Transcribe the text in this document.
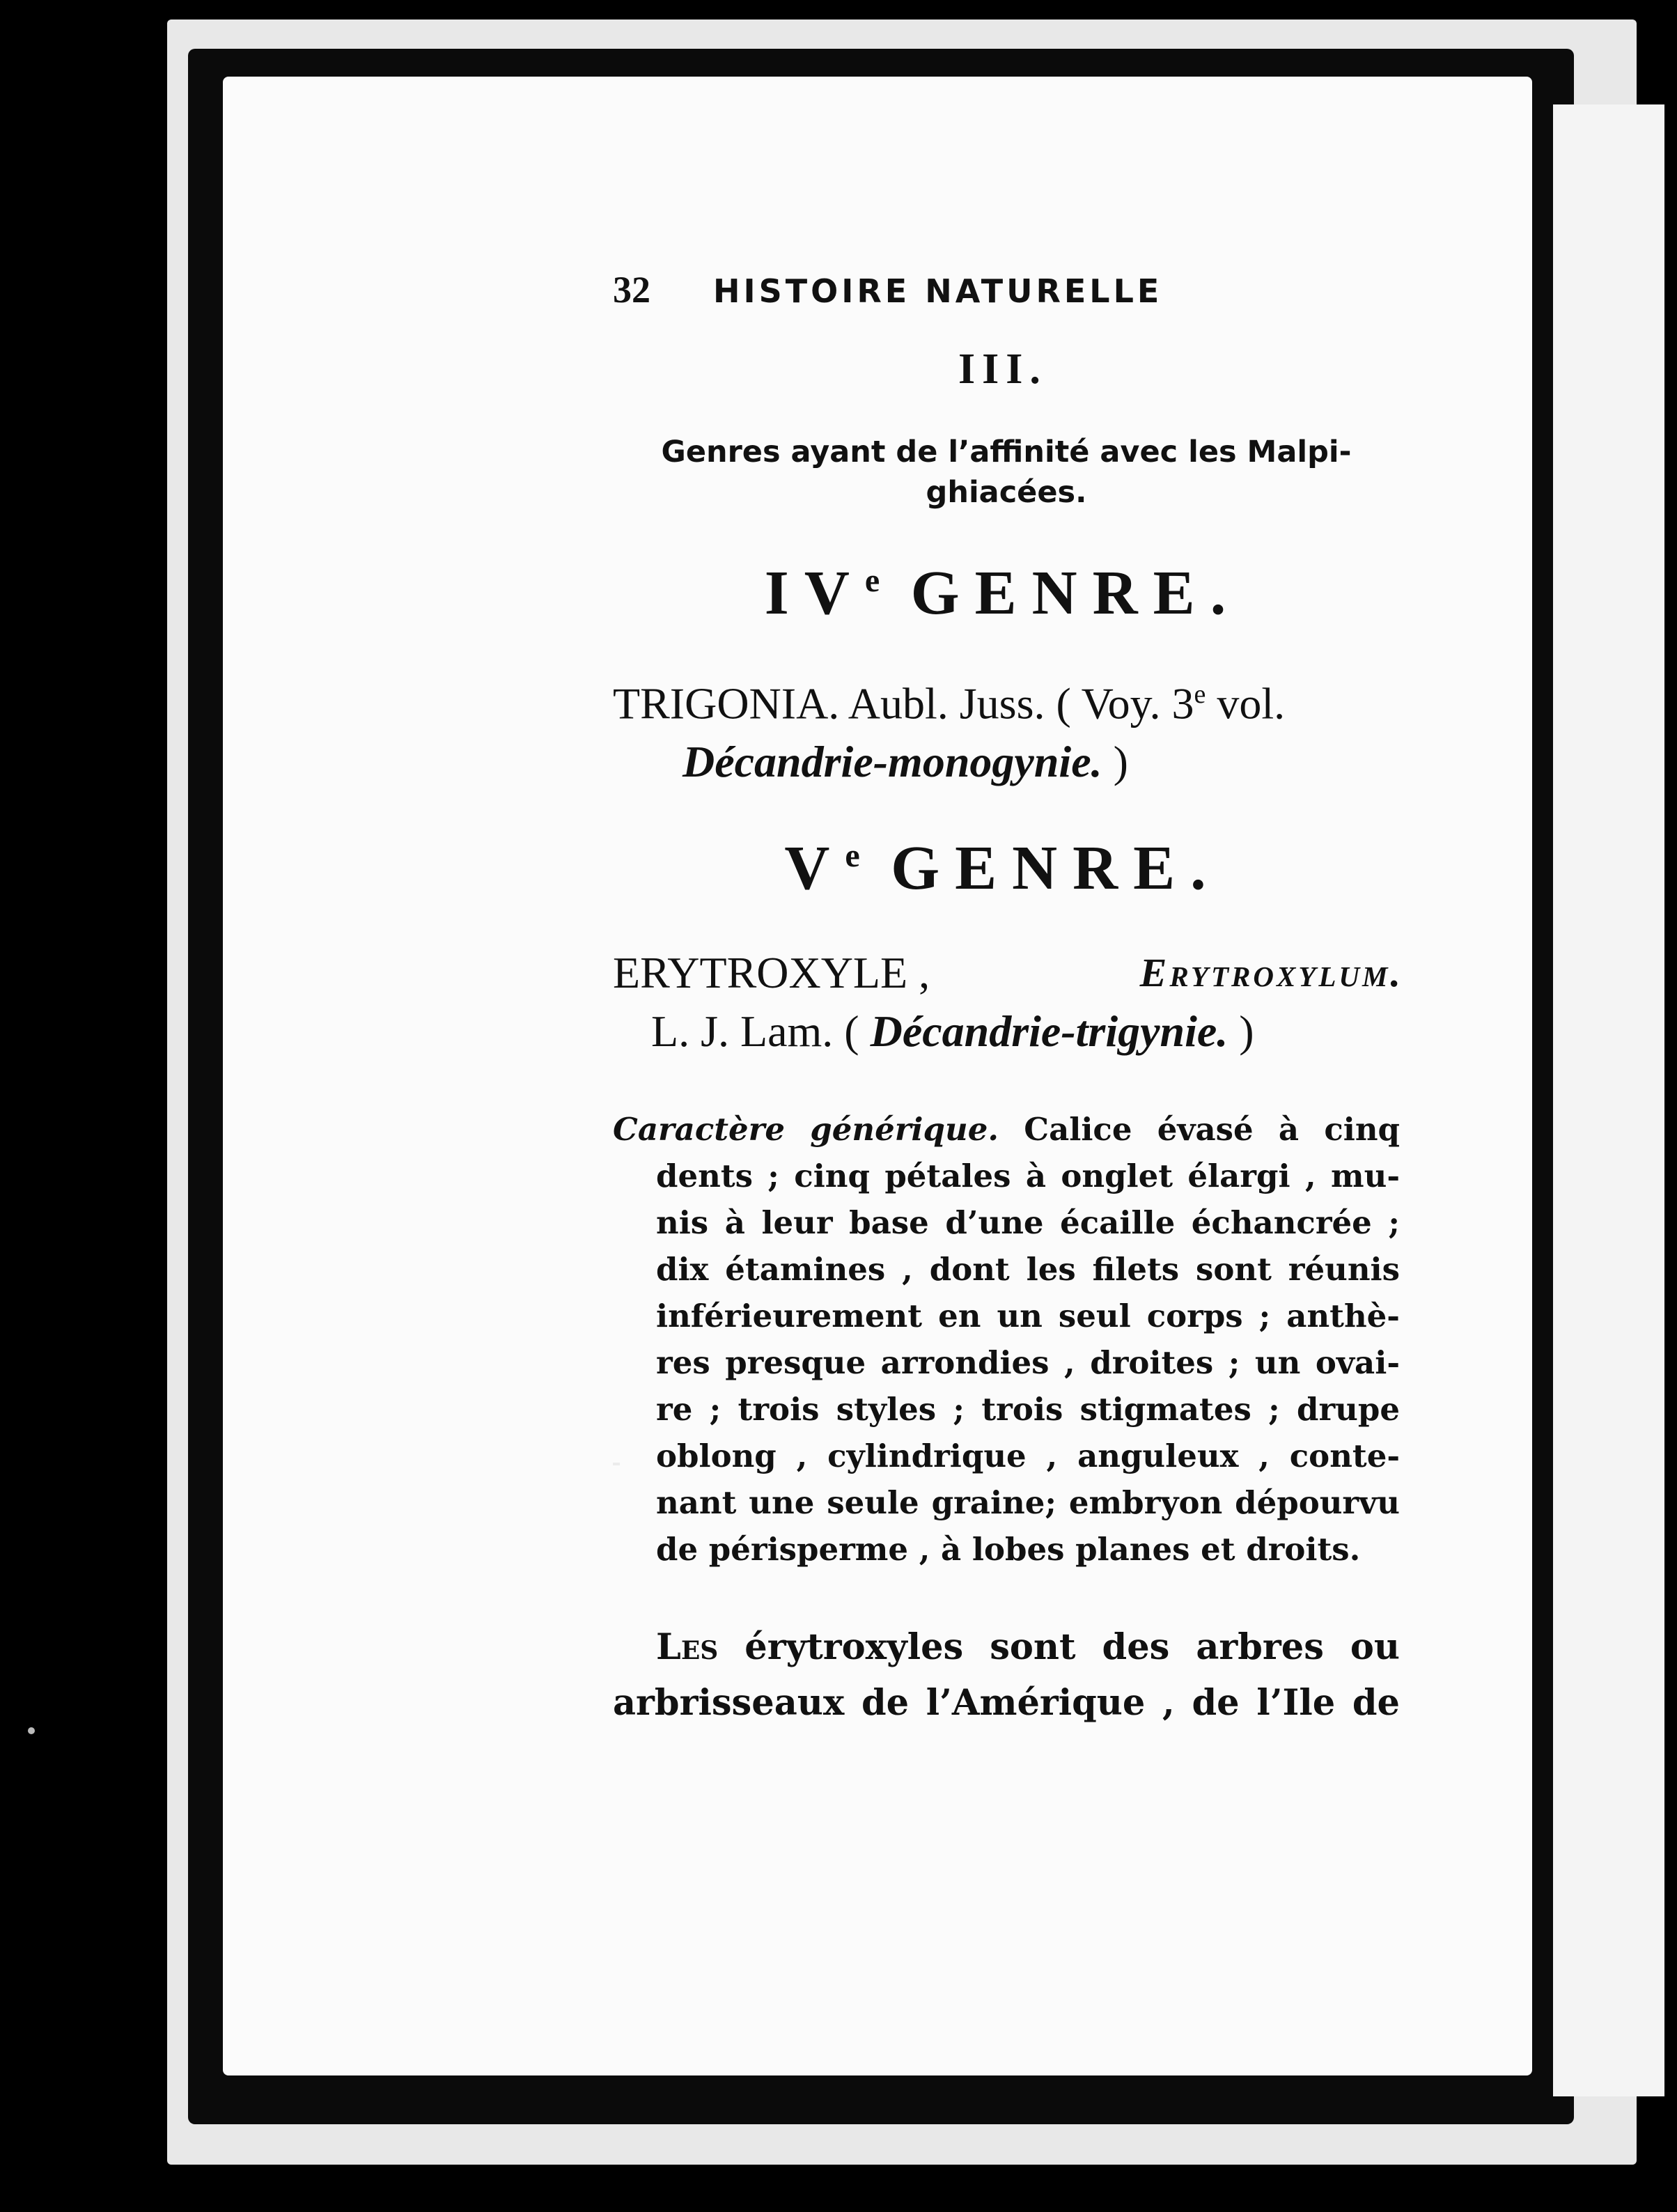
32 HISTOIRE NATURELLE
III.
Genres ayant de l’affinité avec les Malpi-
ghiacées.
IVe GENRE.
TRIGONIA. Aubl. Juss. ( Voy. 3e vol.
Décandrie-monogynie. )
Ve GENRE.
ERYTROXYLE ,	Erytroxylum.
L. J. Lam. ( Décandrie-trigynie. )
Caractère générique. Calice évasé à cinq
dents ; cinq pétales à onglet élargi , mu-
nis à leur base d’une écaille échancrée ;
dix étamines , dont les filets sont réunis
inférieurement en un seul corps ; anthè-
res presque arrondies , droites ; un ovai-
re ; trois styles ; trois stigmates ; drupe
oblong , cylindrique , anguleux , conte-
nant une seule graine; embryon dépourvu
de périsperme , à lobes planes et droits.
Les érytroxyles sont des arbres ou
arbrisseaux de l’Amérique , de l’Ile de
